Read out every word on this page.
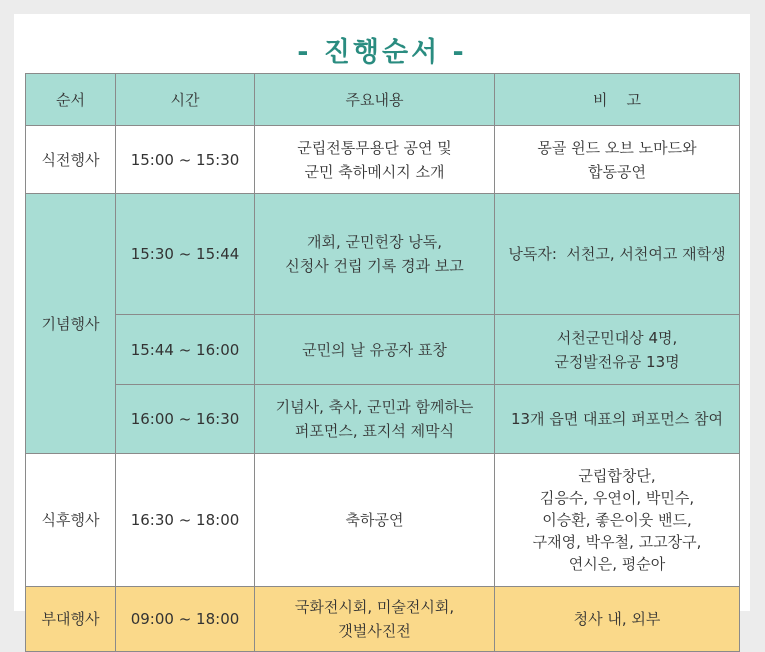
- 진행순서 -
순서	시간	주요내용	비    고
식전행사	15:00 ~ 15:30	군립전통무용단 공연 및
군민 축하메시지 소개	몽골 윈드 오브 노마드와
합동공연

기념행사	15:30 ~ 15:44	개회, 군민헌장 낭독,
신청사 건립 기록 경과 보고	낭독자:  서천고, 서천여고 재학생

	15:44 ~ 16:00	군민의 날 유공자 표창	서천군민대상 4명,
군정발전유공 13명

	16:00 ~ 16:30	기념사, 축사, 군민과 함께하는
퍼포먼스, 표지석 제막식	13개 읍면 대표의 퍼포먼스 참여

식후행사	16:30 ~ 18:00	축하공연	군립합창단,
김응수, 우연이, 박민수,
이승환, 좋은이웃 밴드,
구재영, 박우철, 고고장구,
연시은, 평순아

부대행사	09:00 ~ 18:00	국화전시회, 미술전시회,
갯벌사진전	청사 내, 외부
